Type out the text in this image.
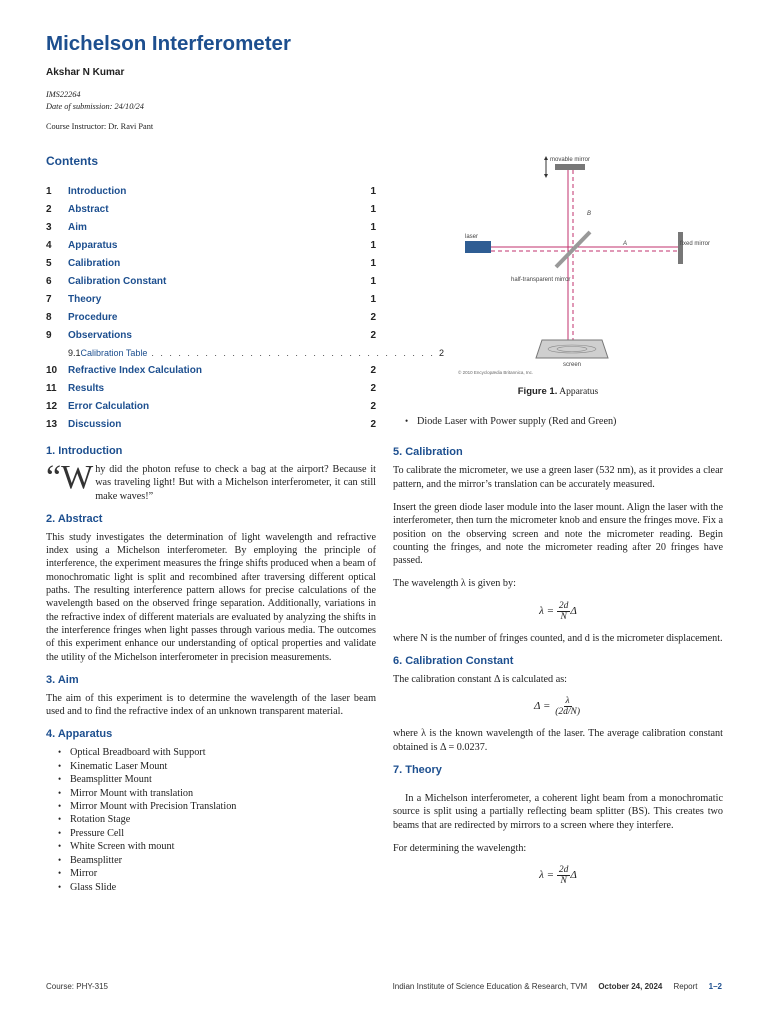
Michelson Interferometer
Akshar N Kumar
IMS22264
Date of submission: 24/10/24
Course Instructor: Dr. Ravi Pant
Contents
1	Introduction	1
2	Abstract	1
3	Aim	1
4	Apparatus	1
5	Calibration	1
6	Calibration Constant	1
7	Theory	1
8	Procedure	2
9	Observations	2
9.1 Calibration Table . . . . . . . . . . . . . . . . . . . . . . . . . . . . . . . . 2
10	Refractive Index Calculation	2
11	Results	2
12	Error Calculation	2
13	Discussion	2
1. Introduction

“Why did the photon refuse to check a bag at the airport? Because it was traveling light! But with a Michelson interferometer, it can still make waves!”

2. Abstract

This study investigates the determination of light wavelength and refractive index using a Michelson interferometer. By employing the principle of interference, the experiment measures the fringe shifts produced when a beam of monochromatic light is split and recombined after traversing different optical paths. The resulting interference pattern allows for precise calculations of the wavelength based on the observed fringe separation. Additionally, variations in the refractive index of different materials are evaluated by analyzing the shifts in the interference fringes when light passes through various media. The outcomes of this experiment enhance our understanding of optical properties and validate the utility of the Michelson interferometer in precision measurements.

3. Aim

The aim of this experiment is to determine the wavelength of the laser beam used and to find the refractive index of an unknown transparent material.

4. Apparatus
• Optical Breadboard with Support
• Kinematic Laser Mount
• Beamsplitter Mount
• Mirror Mount with translation
• Mirror Mount with Precision Translation
• Rotation Stage
• Pressure Cell
• White Screen with mount
• Beamsplitter
• Mirror
• Glass Slide
movable mirror
laser
half-transparent mirror
fixed mirror
B
A
screen
© 2010 Encyclopædia Britannica, Inc.
Figure 1. Apparatus
• Diode Laser with Power supply (Red and Green)
5. Calibration

To calibrate the micrometer, we use a green laser (532 nm), as it provides a clear pattern, and the mirror’s translation can be accurately measured.

Insert the green diode laser module into the laser mount. Align the laser with the interferometer, then turn the micrometer knob and ensure the fringes move. Fix a position on the observing screen and note the micrometer reading. Begin counting the fringes, and note the micrometer reading after 20 fringes have passed.

The wavelength λ is given by:

$\lambda = \frac{2d}{N}$ Δ

where N is the number of fringes counted, and d is the micrometer displacement.

6. Calibration Constant

The calibration constant Δ is calculated as:

$\Delta = \frac{\lambda}{(2d/N)}$

where λ is the known wavelength of the laser. The average calibration constant obtained is Δ = 0.0237.

7. Theory

In a Michelson interferometer, a coherent light beam from a monochromatic source is split using a partially reflecting beam splitter (BS). This creates two beams that are redirected by mirrors to a screen where they interfere.

For determining the wavelength:

$\lambda = \frac{2d}{N}$ Δ
Course: PHY-315	Indian Institute of Science Education & Research, TVM October 24, 2024 Report 1–2
